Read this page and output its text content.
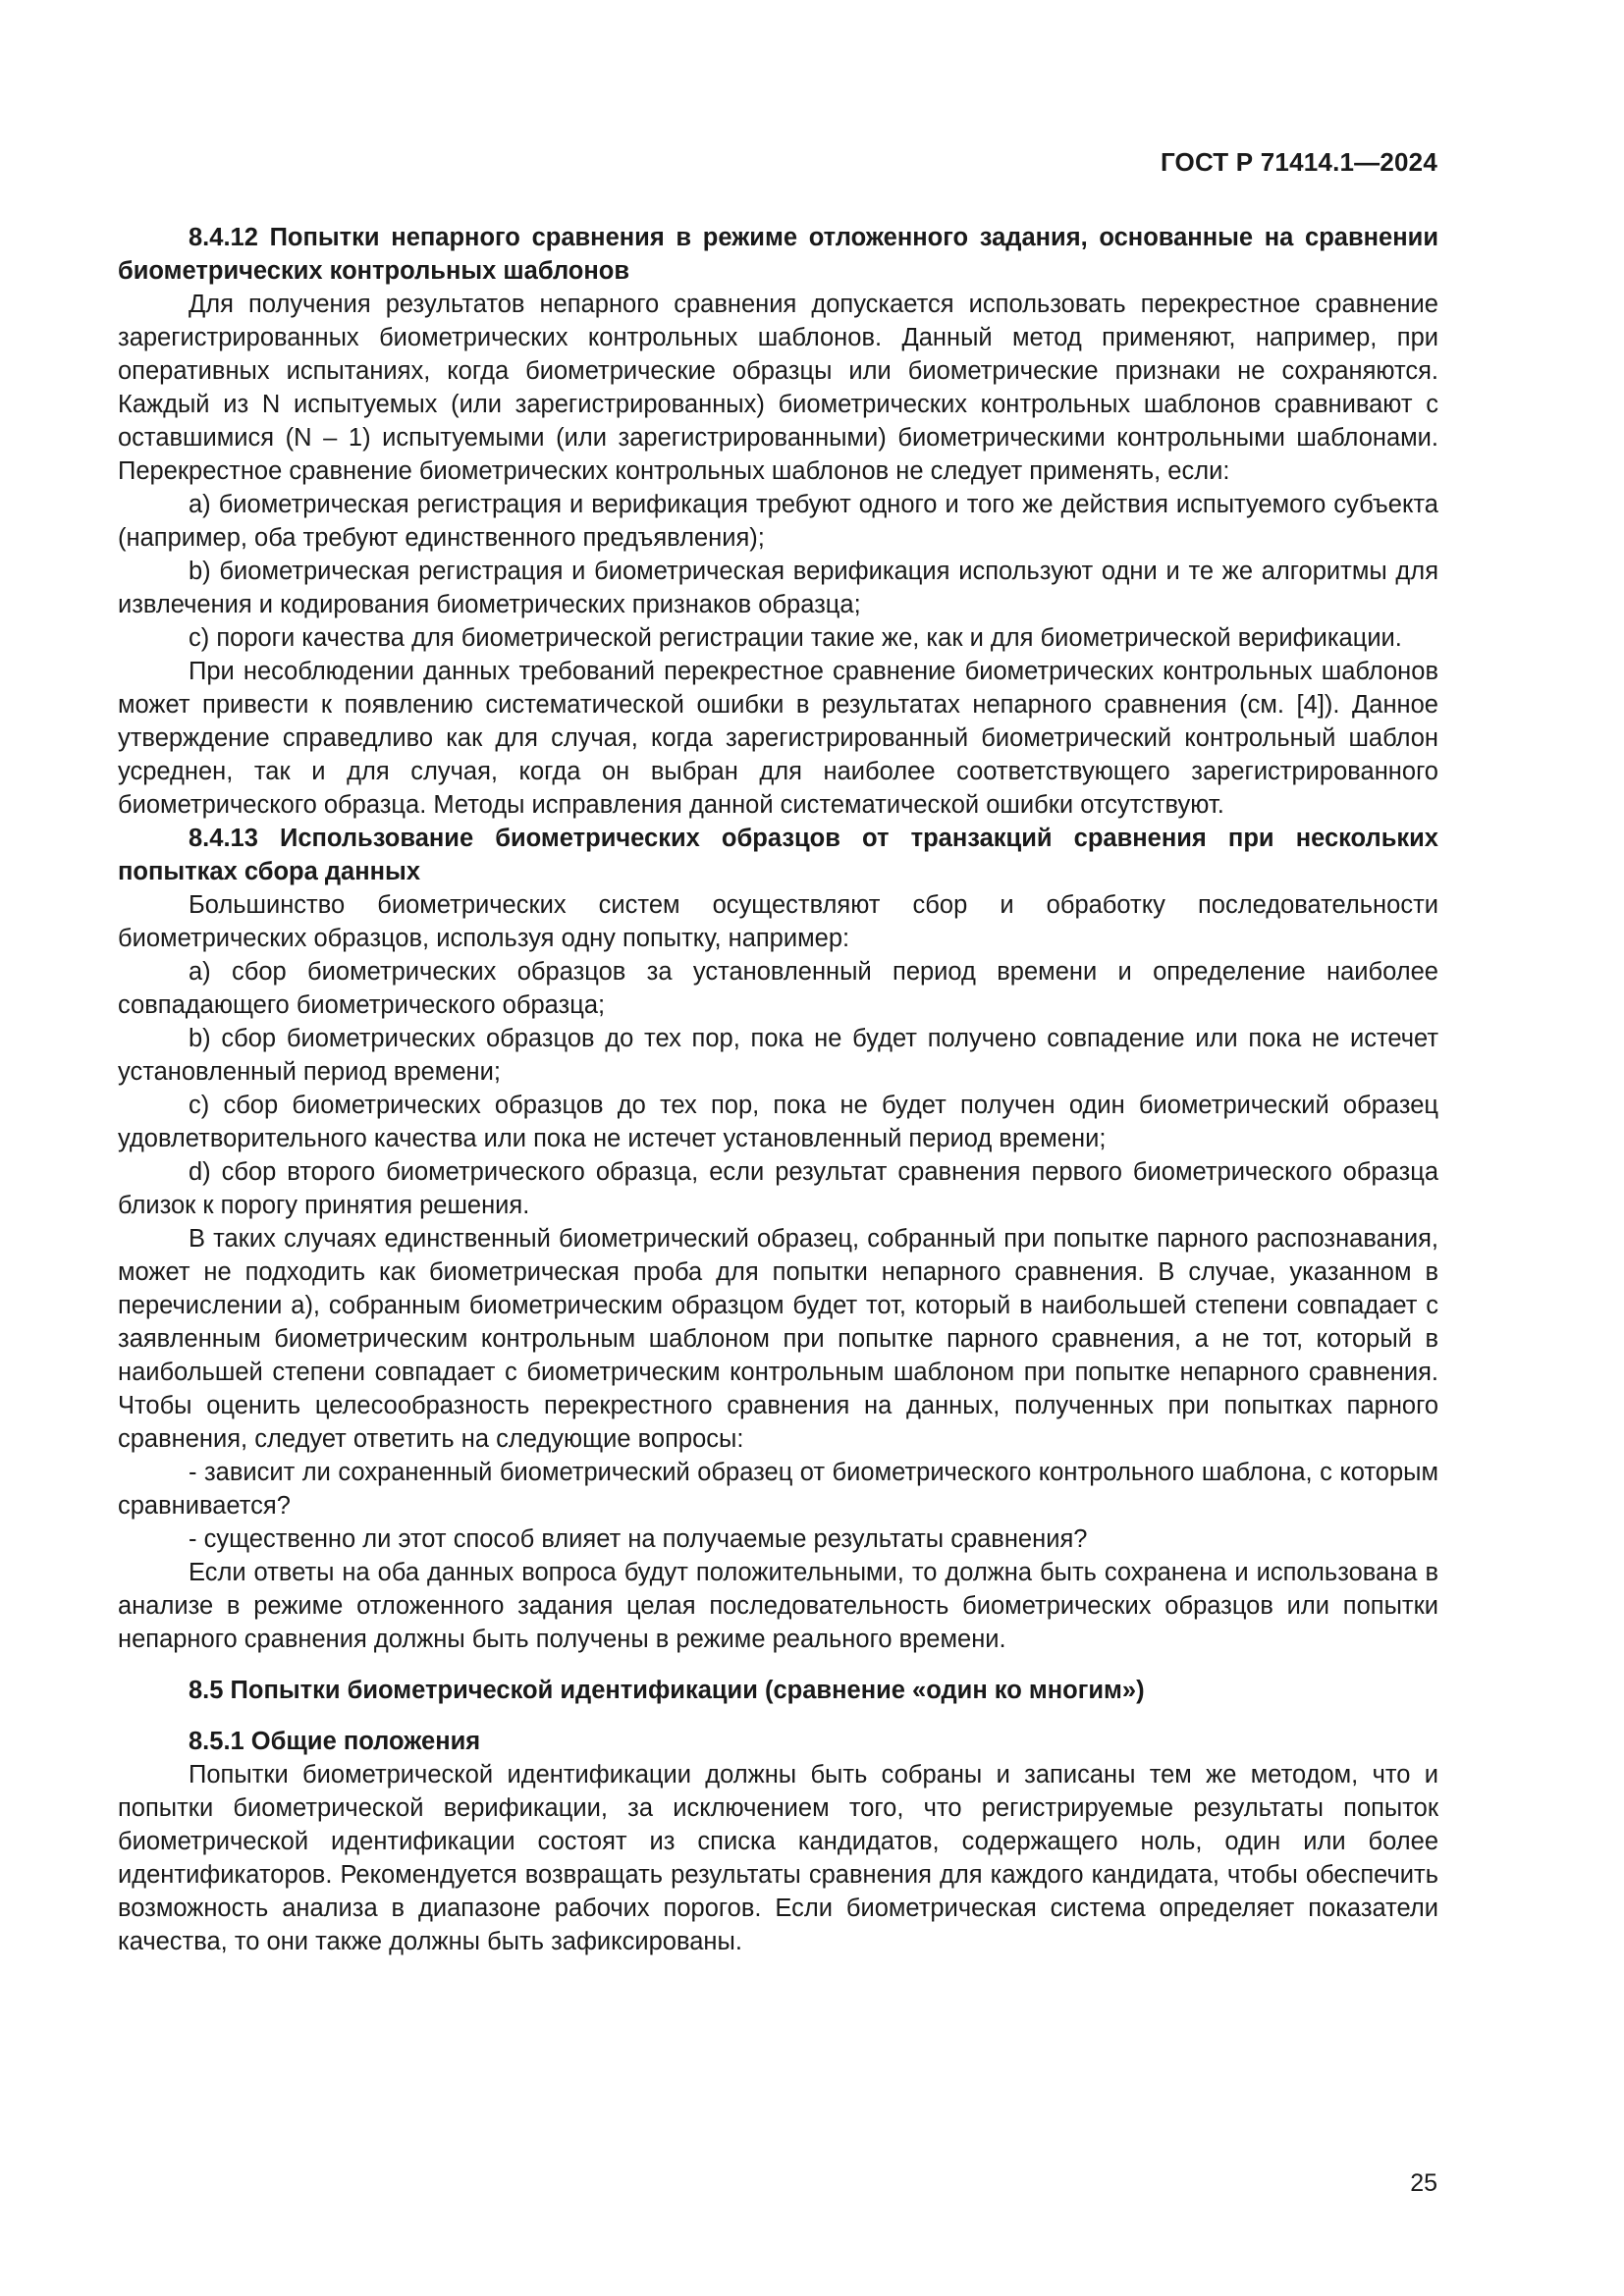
ГОСТ Р 71414.1—2024

8.4.12 Попытки непарного сравнения в режиме отложенного задания, основанные на сравнении биометрических контрольных шаблонов

Для получения результатов непарного сравнения допускается использовать перекрестное сравнение зарегистрированных биометрических контрольных шаблонов. Данный метод применяют, например, при оперативных испытаниях, когда биометрические образцы или биометрические признаки не сохраняются. Каждый из N испытуемых (или зарегистрированных) биометрических контрольных шаблонов сравнивают с оставшимися (N – 1) испытуемыми (или зарегистрированными) биометрическими контрольными шаблонами. Перекрестное сравнение биометрических контрольных шаблонов не следует применять, если:

а) биометрическая регистрация и верификация требуют одного и того же действия испытуемого субъекта (например, оба требуют единственного предъявления);

b) биометрическая регистрация и биометрическая верификация используют одни и те же алгоритмы для извлечения и кодирования биометрических признаков образца;

c) пороги качества для биометрической регистрации такие же, как и для биометрической верификации.

При несоблюдении данных требований перекрестное сравнение биометрических контрольных шаблонов может привести к появлению систематической ошибки в результатах непарного сравнения (см. [4]). Данное утверждение справедливо как для случая, когда зарегистрированный биометрический контрольный шаблон усреднен, так и для случая, когда он выбран для наиболее соответствующего зарегистрированного биометрического образца. Методы исправления данной систематической ошибки отсутствуют.

8.4.13 Использование биометрических образцов от транзакций сравнения при нескольких попытках сбора данных

Большинство биометрических систем осуществляют сбор и обработку последовательности биометрических образцов, используя одну попытку, например:

а) сбор биометрических образцов за установленный период времени и определение наиболее совпадающего биометрического образца;

b) сбор биометрических образцов до тех пор, пока не будет получено совпадение или пока не истечет установленный период времени;

c) сбор биометрических образцов до тех пор, пока не будет получен один биометрический образец удовлетворительного качества или пока не истечет установленный период времени;

d) сбор второго биометрического образца, если результат сравнения первого биометрического образца близок к порогу принятия решения.

В таких случаях единственный биометрический образец, собранный при попытке парного распознавания, может не подходить как биометрическая проба для попытки непарного сравнения. В случае, указанном в перечислении а), собранным биометрическим образцом будет тот, который в наибольшей степени совпадает с заявленным биометрическим контрольным шаблоном при попытке парного сравнения, а не тот, который в наибольшей степени совпадает с биометрическим контрольным шаблоном при попытке непарного сравнения. Чтобы оценить целесообразность перекрестного сравнения на данных, полученных при попытках парного сравнения, следует ответить на следующие вопросы:

- зависит ли сохраненный биометрический образец от биометрического контрольного шаблона, с которым сравнивается?

- существенно ли этот способ влияет на получаемые результаты сравнения?

Если ответы на оба данных вопроса будут положительными, то должна быть сохранена и использована в анализе в режиме отложенного задания целая последовательность биометрических образцов или попытки непарного сравнения должны быть получены в режиме реального времени.

8.5 Попытки биометрической идентификации (сравнение «один ко многим»)

8.5.1 Общие положения

Попытки биометрической идентификации должны быть собраны и записаны тем же методом, что и попытки биометрической верификации, за исключением того, что регистрируемые результаты попыток биометрической идентификации состоят из списка кандидатов, содержащего ноль, один или более идентификаторов. Рекомендуется возвращать результаты сравнения для каждого кандидата, чтобы обеспечить возможность анализа в диапазоне рабочих порогов. Если биометрическая система определяет показатели качества, то они также должны быть зафиксированы.

25
